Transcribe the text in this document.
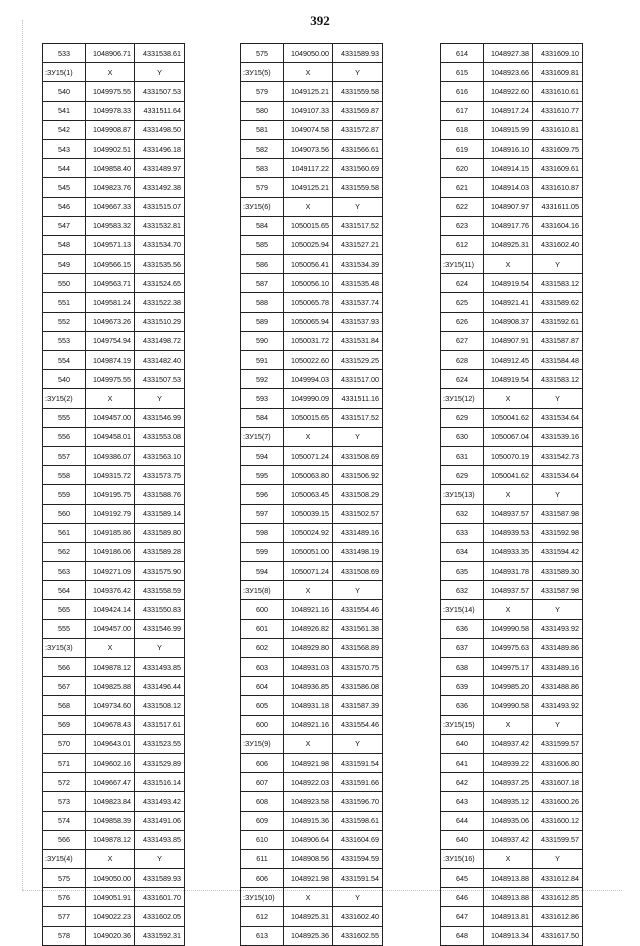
392
533	1048906.71	4331538.61
:ЗУ15(1)	X	Y
540	1049975.55	4331507.53
541	1049978.33	4331511.64
542	1049908.87	4331498.50
543	1049902.51	4331496.18
544	1049858.40	4331489.97
545	1049823.76	4331492.38
546	1049667.33	4331515.07
547	1049583.32	4331532.81
548	1049571.13	4331534.70
549	1049566.15	4331535.56
550	1049563.71	4331524.65
551	1049581.24	4331522.38
552	1049673.26	4331510.29
553	1049754.94	4331498.72
554	1049874.19	4331482.40
540	1049975.55	4331507.53
:ЗУ15(2)	X	Y
555	1049457.00	4331546.99
556	1049458.01	4331553.08
557	1049386.07	4331563.10
558	1049315.72	4331573.75
559	1049195.75	4331588.76
560	1049192.79	4331589.14
561	1049185.86	4331589.80
562	1049186.06	4331589.28
563	1049271.09	4331575.90
564	1049376.42	4331558.59
565	1049424.14	4331550.83
555	1049457.00	4331546.99
:ЗУ15(3)	X	Y
566	1049878.12	4331493.85
567	1049825.88	4331496.44
568	1049734.60	4331508.12
569	1049678.43	4331517.61
570	1049643.01	4331523.55
571	1049602.16	4331529.89
572	1049667.47	4331516.14
573	1049823.84	4331493.42
574	1049858.39	4331491.06
566	1049878.12	4331493.85
:ЗУ15(4)	X	Y
575	1049050.00	4331589.93
576	1049051.91	4331601.70
577	1049022.23	4331602.05
578	1049020.36	4331592.31
575	1049050.00	4331589.93
:ЗУ15(5)	X	Y
579	1049125.21	4331559.58
580	1049107.33	4331569.87
581	1049074.58	4331572.87
582	1049073.56	4331566.61
583	1049117.22	4331560.69
579	1049125.21	4331559.58
:ЗУ15(6)	X	Y
584	1050015.65	4331517.52
585	1050025.94	4331527.21
586	1050056.41	4331534.39
587	1050056.10	4331535.48
588	1050065.78	4331537.74
589	1050065.94	4331537.93
590	1050031.72	4331531.84
591	1050022.60	4331529.25
592	1049994.03	4331517.00
593	1049990.09	4331511.16
584	1050015.65	4331517.52
:ЗУ15(7)	X	Y
594	1050071.24	4331508.69
595	1050063.80	4331506.92
596	1050063.45	4331508.29
597	1050039.15	4331502.57
598	1050024.92	4331489.16
599	1050051.00	4331498.19
594	1050071.24	4331508.69
:ЗУ15(8)	X	Y
600	1048921.16	4331554.46
601	1048926.82	4331561.38
602	1048929.80	4331568.89
603	1048931.03	4331570.75
604	1048936.85	4331586.08
605	1048931.18	4331587.39
600	1048921.16	4331554.46
:ЗУ15(9)	X	Y
606	1048921.98	4331591.54
607	1048922.03	4331591.66
608	1048923.58	4331596.70
609	1048915.36	4331598.61
610	1048906.64	4331604.69
611	1048908.56	4331594.59
606	1048921.98	4331591.54
:ЗУ15(10)	X	Y
612	1048925.31	4331602.40
613	1048925.36	4331602.55
614	1048927.38	4331609.10
615	1048923.66	4331609.81
616	1048922.60	4331610.61
617	1048917.24	4331610.77
618	1048915.99	4331610.81
619	1048916.10	4331609.75
620	1048914.15	4331609.61
621	1048914.03	4331610.87
622	1048907.97	4331611.05
623	1048917.76	4331604.16
612	1048925.31	4331602.40
:ЗУ15(11)	X	Y
624	1048919.54	4331583.12
625	1048921.41	4331589.62
626	1048908.37	4331592.61
627	1048907.91	4331587.87
628	1048912.45	4331584.48
624	1048919.54	4331583.12
:ЗУ15(12)	X	Y
629	1050041.62	4331534.64
630	1050067.04	4331539.16
631	1050070.19	4331542.73
629	1050041.62	4331534.64
:ЗУ15(13)	X	Y
632	1048937.57	4331587.98
633	1048939.53	4331592.98
634	1048933.35	4331594.42
635	1048931.78	4331589.30
632	1048937.57	4331587.98
:ЗУ15(14)	X	Y
636	1049990.58	4331493.92
637	1049975.63	4331489.86
638	1049975.17	4331489.16
639	1049985.20	4331488.86
636	1049990.58	4331493.92
:ЗУ15(15)	X	Y
640	1048937.42	4331599.57
641	1048939.22	4331606.80
642	1048937.25	4331607.18
643	1048935.12	4331600.26
644	1048935.06	4331600.12
640	1048937.42	4331599.57
:ЗУ15(16)	X	Y
645	1048913.88	4331612.84
646	1048913.88	4331612.85
647	1048913.81	4331612.86
648	1048913.34	4331617.50
